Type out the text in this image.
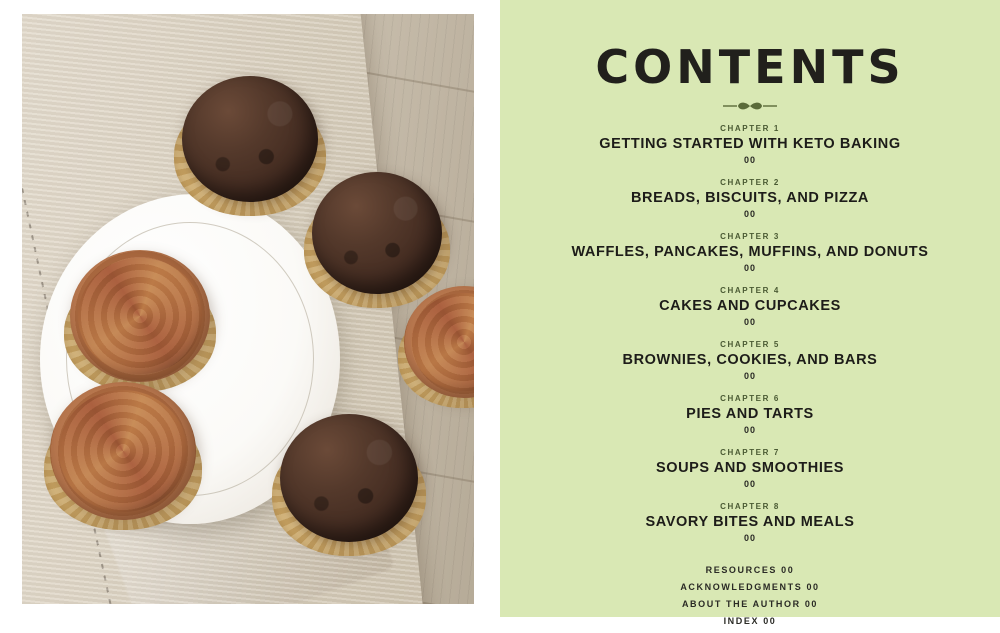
CONTENTS
CHAPTER 1
GETTING STARTED WITH KETO BAKING
00
CHAPTER 2
BREADS, BISCUITS, AND PIZZA
00
CHAPTER 3
WAFFLES, PANCAKES, MUFFINS, AND DONUTS
00
CHAPTER 4
CAKES AND CUPCAKES
00
CHAPTER 5
BROWNIES, COOKIES, AND BARS
00
CHAPTER 6
PIES AND TARTS
00
CHAPTER 7
SOUPS AND SMOOTHIES
00
CHAPTER 8
SAVORY BITES AND MEALS
00
RESOURCES 00
ACKNOWLEDGMENTS 00
ABOUT THE AUTHOR 00
INDEX 00
